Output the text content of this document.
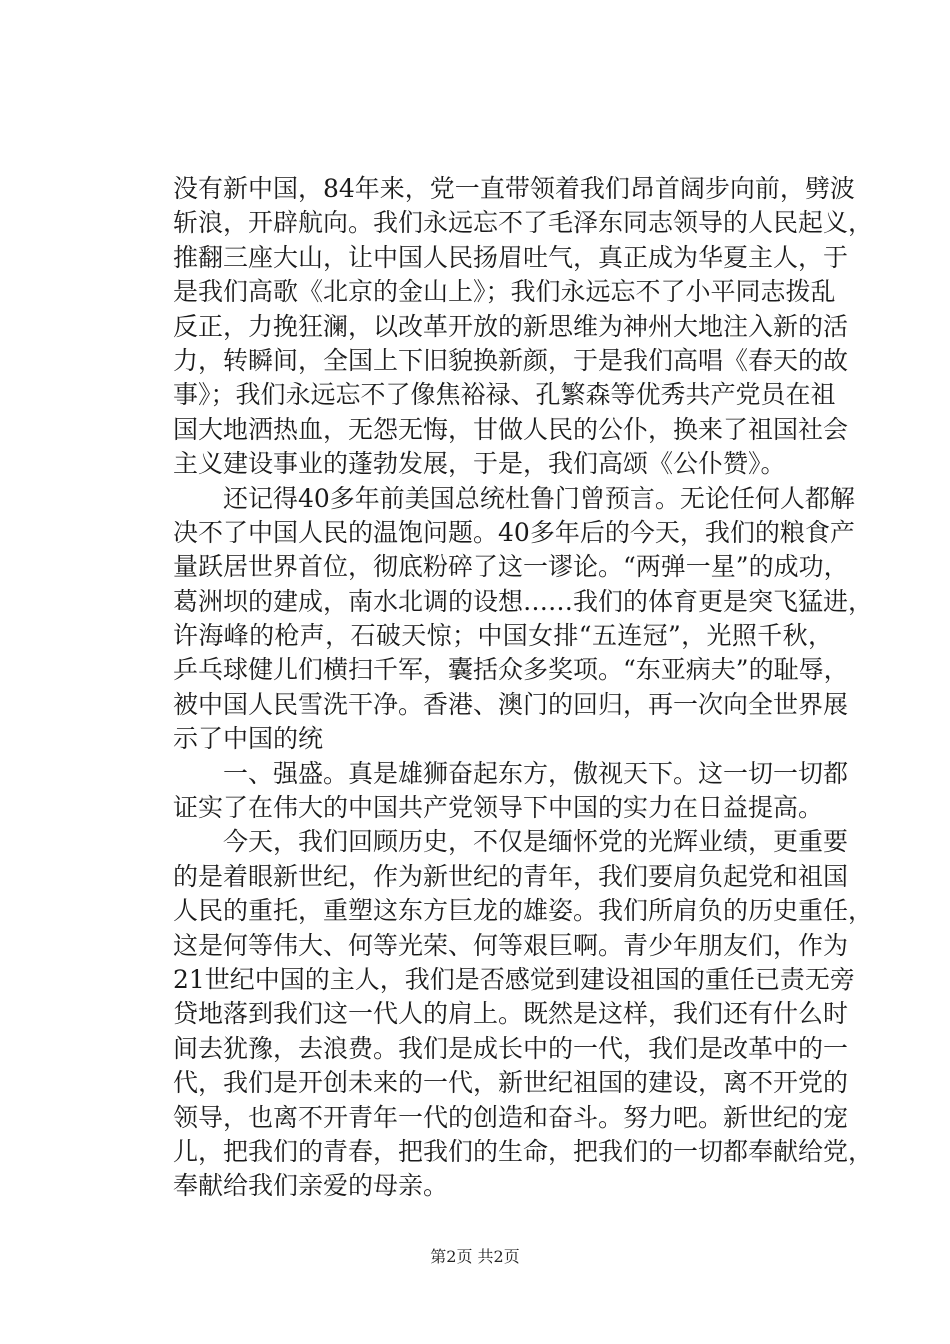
没有新中国，84年来，党一直带领着我们昂首阔步向前，劈波
斩浪，开辟航向。我们永远忘不了毛泽东同志领导的人民起义，
推翻三座大山，让中国人民扬眉吐气，真正成为华夏主人，于
是我们高歌《北京的金山上》；我们永远忘不了小平同志拨乱
反正，力挽狂澜，以改革开放的新思维为神州大地注入新的活
力，转瞬间，全国上下旧貌换新颜，于是我们高唱《春天的故
事》；我们永远忘不了像焦裕禄、孔繁森等优秀共产党员在祖
国大地洒热血，无怨无悔，甘做人民的公仆，换来了祖国社会
主义建设事业的蓬勃发展，于是，我们高颂《公仆赞》。
　　还记得40多年前美国总统杜鲁门曾预言。无论任何人都解
决不了中国人民的温饱问题。40多年后的今天，我们的粮食产
量跃居世界首位，彻底粉碎了这一谬论。“两弹一星”的成功，
葛洲坝的建成，南水北调的设想……我们的体育更是突飞猛进，
许海峰的枪声，石破天惊；中国女排“五连冠”，光照千秋，
乒乓球健儿们横扫千军，囊括众多奖项。“东亚病夫”的耻辱，
被中国人民雪洗干净。香港、澳门的回归，再一次向全世界展
示了中国的统
　　一、强盛。真是雄狮奋起东方，傲视天下。这一切一切都
证实了在伟大的中国共产党领导下中国的实力在日益提高。
　　今天，我们回顾历史，不仅是缅怀党的光辉业绩，更重要
的是着眼新世纪，作为新世纪的青年，我们要肩负起党和祖国
人民的重托，重塑这东方巨龙的雄姿。我们所肩负的历史重任，
这是何等伟大、何等光荣、何等艰巨啊。青少年朋友们，作为
21世纪中国的主人，我们是否感觉到建设祖国的重任已责无旁
贷地落到我们这一代人的肩上。既然是这样，我们还有什么时
间去犹豫，去浪费。我们是成长中的一代，我们是改革中的一
代，我们是开创未来的一代，新世纪祖国的建设，离不开党的
领导，也离不开青年一代的创造和奋斗。努力吧。新世纪的宠
儿，把我们的青春，把我们的生命，把我们的一切都奉献给党，
奉献给我们亲爱的母亲。
第2页 共2页
